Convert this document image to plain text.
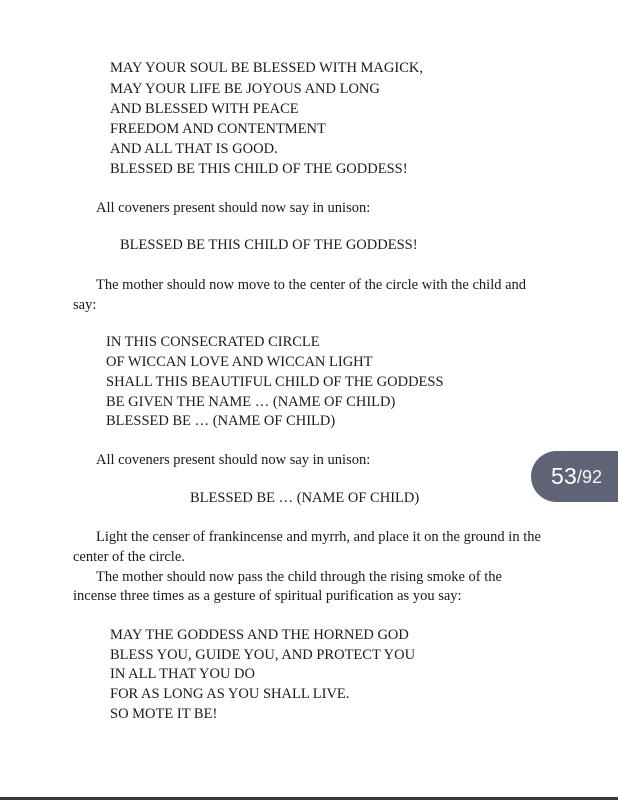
MAY YOUR SOUL BE BLESSED WITH MAGICK,
MAY YOUR LIFE BE JOYOUS AND LONG
AND BLESSED WITH PEACE
FREEDOM AND CONTENTMENT
AND ALL THAT IS GOOD.
BLESSED BE THIS CHILD OF THE GODDESS!
All coveners present should now say in unison:
BLESSED BE THIS CHILD OF THE GODDESS!
The mother should now move to the center of the circle with the child and
say:
IN THIS CONSECRATED CIRCLE
OF WICCAN LOVE AND WICCAN LIGHT
SHALL THIS BEAUTIFUL CHILD OF THE GODDESS
BE GIVEN THE NAME … (NAME OF CHILD)
BLESSED BE … (NAME OF CHILD)
All coveners present should now say in unison:
BLESSED BE … (NAME OF CHILD)
Light the censer of frankincense and myrrh, and place it on the ground in the
center of the circle.
The mother should now pass the child through the rising smoke of the
incense three times as a gesture of spiritual purification as you say:
MAY THE GODDESS AND THE HORNED GOD
BLESS YOU, GUIDE YOU, AND PROTECT YOU
IN ALL THAT YOU DO
FOR AS LONG AS YOU SHALL LIVE.
SO MOTE IT BE!
53 /92
